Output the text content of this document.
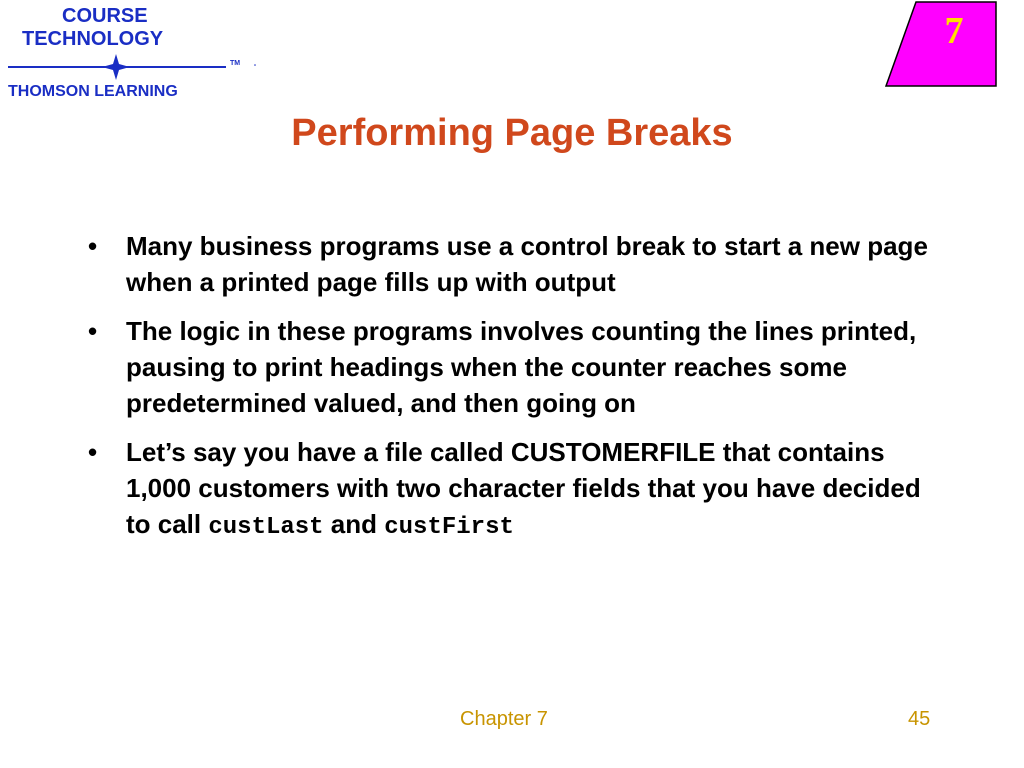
COURSE
TECHNOLOGY
TM
THOMSON LEARNING
7
Performing Page Breaks
• Many business programs use a control break to start a new page when a printed page fills up with output
• The logic in these programs involves counting the lines printed, pausing to print headings when the counter reaches some predetermined valued, and then going on
• Let’s say you have a file called CUSTOMERFILE that contains 1,000 customers with two character fields that you have decided to call custLast and custFirst
Chapter 7	45
